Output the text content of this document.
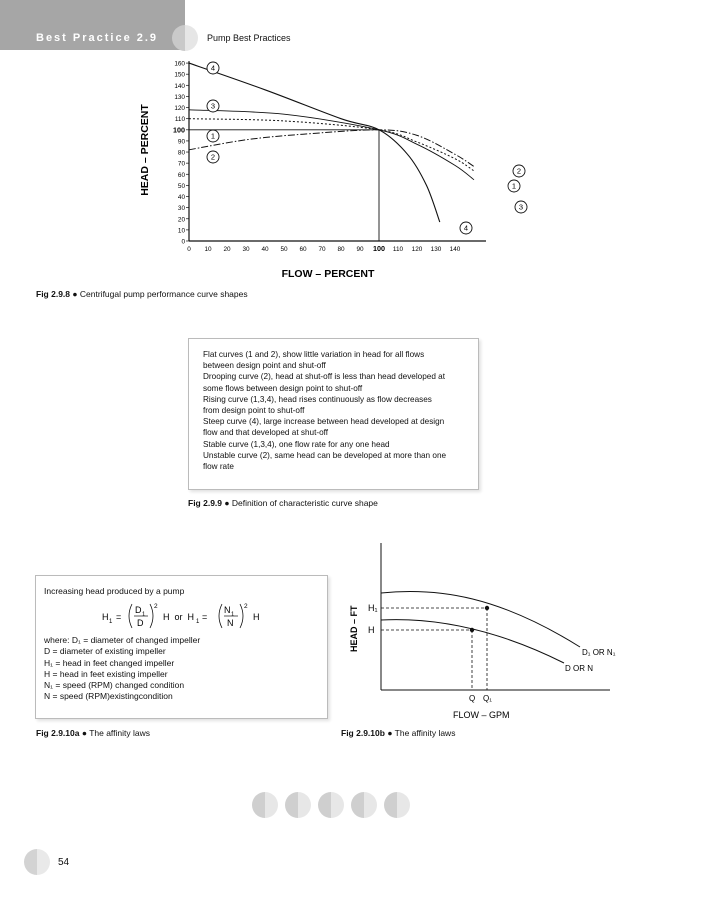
Best Practice 2.9	Pump Best Practices
0
10
20
30
40
50
60
70
80
90
100
110
120
130
140
150
160
0 10 20 30 40 50 60 70 80 90 100 110 120 130 140
FLOW – PERCENT
HEAD – PERCENT	1
1
2
2
3
3
4
4
Fig 2.9.8 ● Centrifugal pump performance curve shapes
Flat curves (1 and 2), show little variation in head for all flows
between design point and shut-off
Drooping curve (2), head at shut-off is less than head developed at
some flows between design point to shut-off
Rising curve (1,3,4), head rises continuously as flow decreases
from design point to shut-off
Steep curve (4), large increase between head developed at design
flow and that developed at shut-off
Stable curve (1,3,4), one flow rate for any one head
Unstable curve (2), same head can be developed at more than one
flow rate
Fig 2.9.9 ● Definition of characteristic curve shape
Increasing head produced by a pump
H 1 =
D 1
D
2
H  or  H 1 =
N 1
N
2
H
where: D₁ = diameter of changed impeller
D = diameter of existing impeller
H₁ = head in feet changed impeller
H = head in feet existing impeller
N₁ = speed (RPM) changed condition
N = speed (RPM)existingcondition
Fig 2.9.10a ● The affinity laws
H₁
H
Q Q₁
FLOW – GPM
HEAD – FT
D₁ OR N₁
D OR N
Fig 2.9.10b ● The affinity laws
54
